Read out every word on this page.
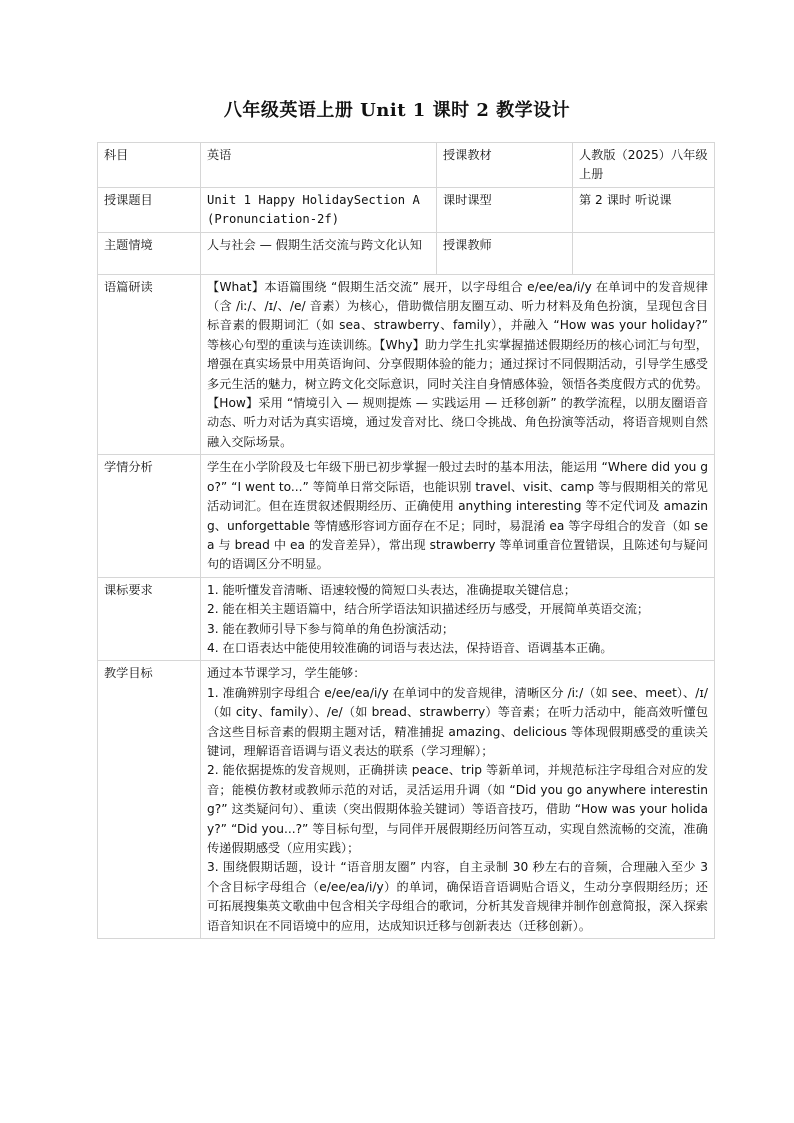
八年级英语上册 Unit 1 课时 2 教学设计
科目	英语	授课教材	人教版（2025）八年级上册
授课题目	Unit 1 Happy HolidaySection A (Pronunciation-2f)	课时课型	第 2 课时 听说课
主题情境	人与社会 — 假期生活交流与跨文化认知	授课教师	
语篇研读	【What】本语篇围绕 “假期生活交流” 展开，以字母组合 e/ee/ea/i/y 在单词中的发音规律（含 /iː/、/ɪ/、/e/ 音素）为核心，借助微信朋友圈互动、听力材料及角色扮演，呈现包含目标音素的假期词汇（如 sea、strawberry、family），并融入 “How was your holiday?” 等核心句型的重读与连读训练。【Why】助力学生扎实掌握描述假期经历的核心词汇与句型，增强在真实场景中用英语询问、分享假期体验的能力；通过探讨不同假期活动，引导学生感受多元生活的魅力，树立跨文化交际意识，同时关注自身情感体验，领悟各类度假方式的优势。【How】采用 “情境引入 — 规则提炼 — 实践运用 — 迁移创新” 的教学流程，以朋友圈语音动态、听力对话为真实语境，通过发音对比、绕口令挑战、角色扮演等活动，将语音规则自然融入交际场景。		
学情分析	学生在小学阶段及七年级下册已初步掌握一般过去时的基本用法，能运用 “Where did you go?” “I went to...” 等简单日常交际语，也能识别 travel、visit、camp 等与假期相关的常见活动词汇。但在连贯叙述假期经历、正确使用 anything interesting 等不定代词及 amazing、unforgettable 等情感形容词方面存在不足；同时，易混淆 ea 等字母组合的发音（如 sea 与 bread 中 ea 的发音差异），常出现 strawberry 等单词重音位置错误，且陈述句与疑问句的语调区分不明显。		
课标要求	1. 能听懂发音清晰、语速较慢的简短口头表达，准确提取关键信息；

2. 能在相关主题语篇中，结合所学语法知识描述经历与感受，开展简单英语交流；

3. 能在教师引导下参与简单的角色扮演活动；

4. 在口语表达中能使用较准确的词语与表达法，保持语音、语调基本正确。		

教学目标	通过本节课学习，学生能够：

1. 准确辨别字母组合 e/ee/ea/i/y 在单词中的发音规律，清晰区分 /iː/（如 see、meet）、/ɪ/（如 city、family）、/e/（如 bread、strawberry）等音素；在听力活动中，能高效听懂包含这些目标音素的假期主题对话，精准捕捉 amazing、delicious 等体现假期感受的重读关键词，理解语音语调与语义表达的联系（学习理解）；

2. 能依据提炼的发音规则，正确拼读 peace、trip 等新单词，并规范标注字母组合对应的发音；能模仿教材或教师示范的对话，灵活运用升调（如 “Did you go anywhere interesting?” 这类疑问句）、重读（突出假期体验关键词）等语音技巧，借助 “How was your holiday?” “Did you...?” 等目标句型，与同伴开展假期经历问答互动，实现自然流畅的交流，准确传递假期感受（应用实践）；

3. 围绕假期话题，设计 “语音朋友圈” 内容，自主录制 30 秒左右的音频，合理融入至少 3 个含目标字母组合（e/ee/ea/i/y）的单词，确保语音语调贴合语义，生动分享假期经历；还可拓展搜集英文歌曲中包含相关字母组合的歌词，分析其发音规律并制作创意简报，深入探索语音知识在不同语境中的应用，达成知识迁移与创新表达（迁移创新）。		
